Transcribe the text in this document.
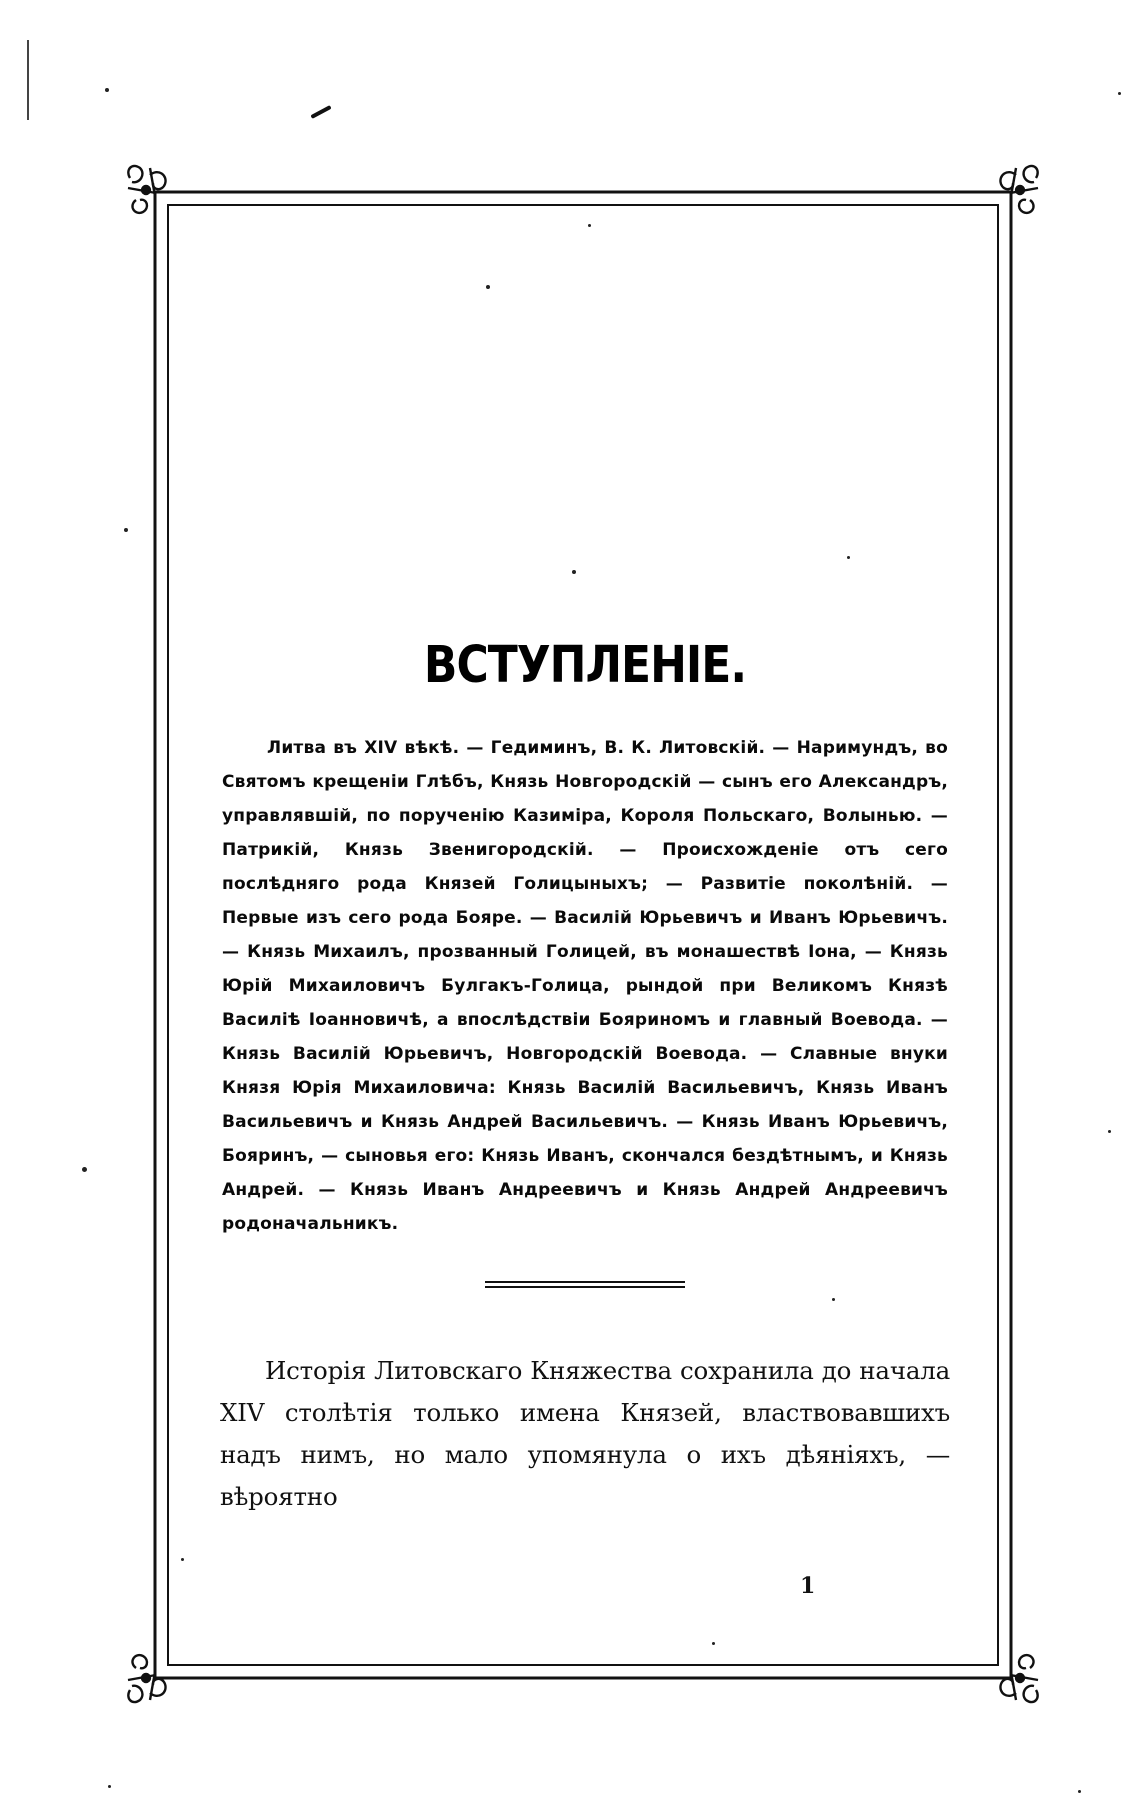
ВСТУПЛЕНІЕ.

Литва въ XIV вѣкѣ. — Гедиминъ, В. К. Литовскій. — Наримундъ, во Святомъ крещеніи Глѣбъ, Князь Новгородскій — сынъ его Александръ, управлявшій, по порученію Казиміра, Короля Польскаго, Волынью. — Патрикій, Князь Звенигородскій. — Происхожденіе отъ сего послѣдняго рода Князей Голицыныхъ; — Развитіе поколѣній. — Первые изъ сего рода Бояре. — Василій Юрьевичъ и Иванъ Юрьевичъ. — Князь Михаилъ, прозванный Голицей, въ монашествѣ Іона, — Князь Юрій Михаиловичъ Булгакъ-Голица, рындой при Великомъ Князѣ Василіѣ Іоанновичѣ, а впослѣдствіи Бояриномъ и главный Воевода. — Князь Василій Юрьевичъ, Новгородскій Воевода. — Славные внуки Князя Юрія Михаиловича: Князь Василій Васильевичъ, Князь Иванъ Васильевичъ и Князь Андрей Васильевичъ. — Князь Иванъ Юрьевичъ, Бояринъ, — сыновья его: Князь Иванъ, скончался бездѣтнымъ, и Князь Андрей. — Князь Иванъ Андреевичъ и Князь Андрей Андреевичъ родоначальникъ.

Исторія Литовскаго Княжества сохранила до начала XIV столѣтія только имена Князей, властвовавшихъ надъ нимъ, но мало упомянула о ихъ дѣяніяхъ, — вѣроятно

1
